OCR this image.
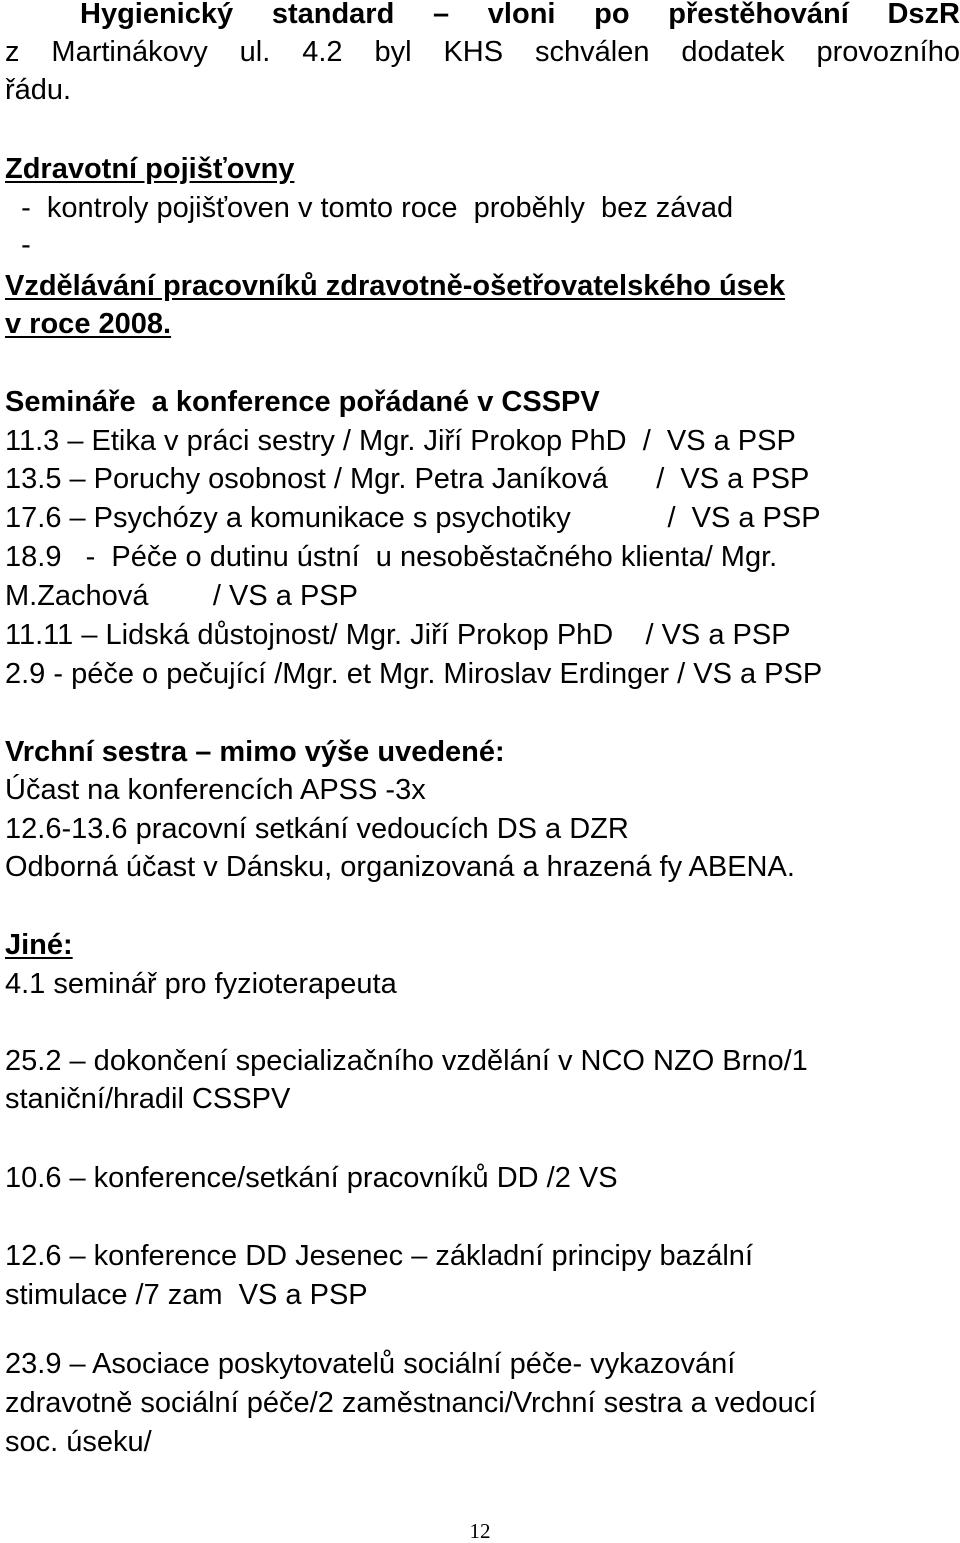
Hygienický standard – vloni po přestěhování DszR

z Martinákovy ul. 4.2 byl KHS schválen dodatek provozního

řádu.

Zdravotní pojišťovny

-  kontroly pojišťoven v tomto roce  proběhly  bez závad

-

Vzdělávání pracovníků zdravotně-ošetřovatelského úsek

v roce 2008.

Semináře  a konference pořádané v CSSPV

11.3 – Etika v práci sestry / Mgr. Jiří Prokop PhD  /  VS a PSP

13.5 – Poruchy osobnost / Mgr. Petra Janíková      /  VS a PSP

17.6 – Psychózy a komunikace s psychotiky            /  VS a PSP

18.9   -  Péče o dutinu ústní  u nesoběstačného klienta/ Mgr.

M.Zachová        / VS a PSP

11.11 – Lidská důstojnost/ Mgr. Jiří Prokop PhD    / VS a PSP

2.9 - péče o pečující /Mgr. et Mgr. Miroslav Erdinger / VS a PSP

Vrchní sestra – mimo výše uvedené:

Účast na konferencích APSS -3x

12.6-13.6 pracovní setkání vedoucích DS a DZR

Odborná účast v Dánsku, organizovaná a hrazená fy ABENA.

Jiné:

4.1 seminář pro fyzioterapeuta

25.2 – dokončení specializačního vzdělání v NCO NZO Brno/1

staniční/hradil CSSPV

10.6 – konference/setkání pracovníků DD /2 VS

12.6 – konference DD Jesenec – základní principy bazální

stimulace /7 zam  VS a PSP

23.9 – Asociace poskytovatelů sociální péče- vykazování

zdravotně sociální péče/2 zaměstnanci/Vrchní sestra a vedoucí

soc. úseku/

12
